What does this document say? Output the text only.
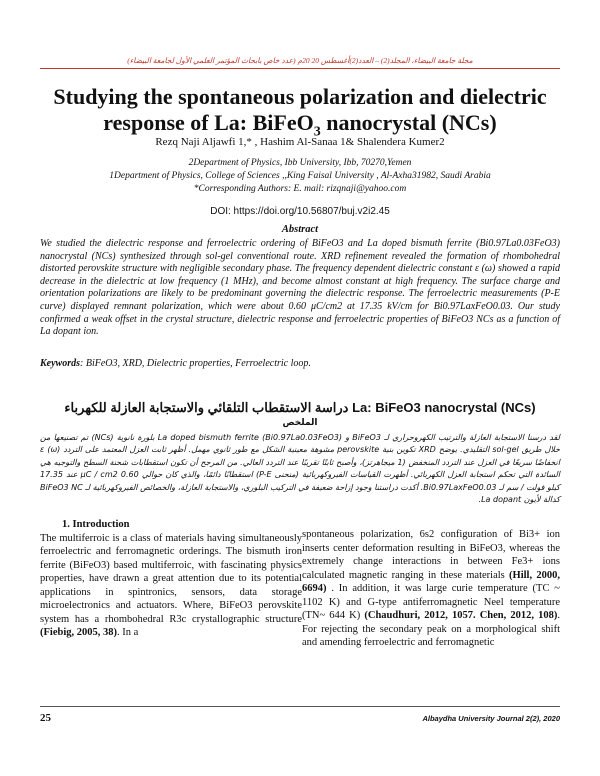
مجلة جامعة البيضاء، المجلد(2) – العدد(2)أغسطس 20 20م (عدد خاص بابحاث المؤتمر العلمي الأول لجامعة البيضاء)
Studying the spontaneous polarization and dielectric
response of La: BiFeO$_3$ nanocrystal (NCs)
Rezq Naji Aljawfi 1,* , Hashim Al-Sanaa 1& Shalendera Kumer2
2Department of Physics, Ibb University, Ibb, 70270,Yemen
1Department of Physics, College of Sciences ,,King Faisal University , Al-Axha31982, Saudi Arabia
*Corresponding Authors: E. mail: rizqnaji@yahoo.com
DOI: https://doi.org/10.56807/buj.v2i2.45
Abstract
We studied the dielectric response and ferroelectric ordering of BiFeO3 and La doped bismuth ferrite (Bi0.97La0.03FeO3) nanocrystal (NCs) synthesized through sol-gel conventional route. XRD refinement revealed the formation of rhombohedral distorted perovskite structure with negligible secondary phase. The frequency dependent dielectric constant ε (ω) showed a rapid decrease in the dielectric at low frequency (1 MHz), and become almost constant at high frequency. The surface charge and orientation polarizations are likely to be predominant governing the dielectric response. The ferroelectric measurements (P-E curve) displayed remnant polarization, which were about 0.60 μC/cm2 at 17.35 kV/cm for Bi0.97LaxFeO0.03. Our study confirmed a weak offset in the crystal structure, dielectric response and ferroelectric properties of BiFeO3 NCs as a function of La dopant ion.
Keywords: BiFeO3, XRD, Dielectric properties, Ferroelectric loop.
دراسة الاستقطاب التلقائي والاستجابة العازلة للكهرباء La: BiFeO3 nanocrystal (NCs)
الملخص
لقد درسنا الاستجابة العازلة والترتيب الكهروحراري لـ BiFeO3 و La doped bismuth ferrite (Bi0.97La0.03FeO3) بلورة نانوية (NCs) تم تصنيعها من خلال طريق sol-gel التقليدي. يوضح XRD تكوين بنية perovskite مشوهة معينية الشكل مع طور ثانوي مهمل. أظهر ثابت العزل المعتمد على التردد ε (ω) انخفاضًا سريعًا في العزل عند التردد المنخفض (1 ميجاهرتز)، وأصبح ثابتًا تقريبًا عند التردد العالي. من المرجح أن تكون استقطابات شحنة السطح والتوجيه هي السائدة التي تحكم استجابة العزل الكهربائي. أظهرت القياسات الفيروكهربائية (منحنى P-E) استقطابًا دائمًا، والذي كان حوالي 0.60 µC / cm2 عند 17.35 كيلو فولت / سم لـ Bi0.97LaxFeO0.03. أكدت دراستنا وجود إزاحة ضعيفة في التركيب البلوري، والاستجابة العازلة، والخصائص الفيروكهربائية لـ BiFeO3 NC كدالة لأيون La dopant.
1. Introduction
The multiferroic is a class of materials having simultaneously ferroelectric and ferromagnetic orderings. The bismuth iron ferrite (BiFeO3) based multiferroic, with fascinating physics properties, have drawn a great attention due to its potential applications in spintronics, sensors, data storage microelectronics and actuators. Where, BiFeO3 perovskite system has a rhombohedral R3c crystallographic structure (Fiebig, 2005, 38). In a
spontaneous polarization, 6s2 configuration of Bi3+ ion inserts center deformation resulting in BiFeO3, whereas the extremely change interactions in between Fe3+ ions calculated magnetic ranging in these materials (Hill, 2000, 6694) . In addition, it was large curie temperature (TC ~ 1102 K) and G-type antiferromagnetic Neel temperature (TN~ 644 K) (Chaudhuri, 2012, 1057. Chen, 2012, 108). For rejecting the secondary peak on a morphological shift and amending ferroelectric and ferromagnetic
25	Albaydha University Journal 2(2), 2020
